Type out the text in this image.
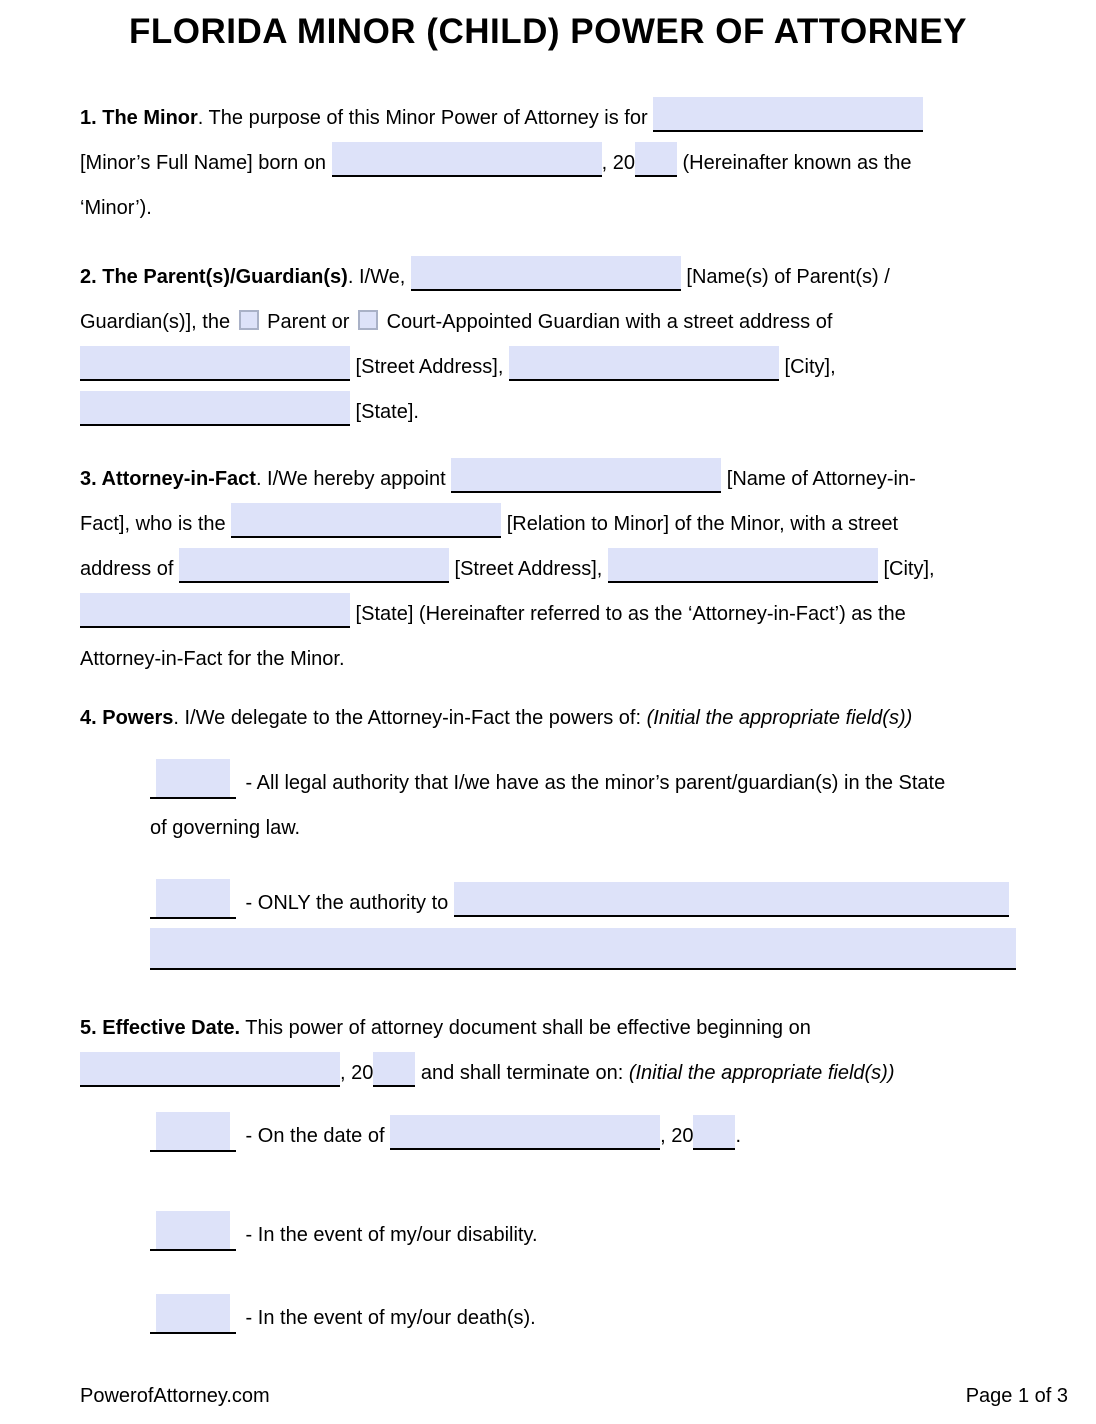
FLORIDA MINOR (CHILD) POWER OF ATTORNEY
1. The Minor. The purpose of this Minor Power of Attorney is for
[Minor’s Full Name] born on	, 20 (Hereinafter known as the
‘Minor’).
2. The Parent(s)/Guardian(s). I/We,	[Name(s) of Parent(s) /
Guardian(s)], the  Parent or  Court-Appointed Guardian with a street address of
[Street Address],	[City],
[State].
3. Attorney-in-Fact. I/We hereby appoint	[Name of Attorney-in-
Fact], who is the	[Relation to Minor] of the Minor, with a street
address of	[Street Address],	[City],
[State] (Hereinafter referred to as the ‘Attorney-in-Fact’) as the
Attorney-in-Fact for the Minor.
4. Powers. I/We delegate to the Attorney-in-Fact the powers of: (Initial the appropriate field(s))
- All legal authority that I/we have as the minor’s parent/guardian(s) in the State
of governing law.
- ONLY the authority to
5. Effective Date. This power of attorney document shall be effective beginning on
, 20 and shall terminate on: (Initial the appropriate field(s))
- On the date of	, 20 .
- In the event of my/our disability.
- In the event of my/our death(s).
PowerofAttorney.com	Page 1 of 3
